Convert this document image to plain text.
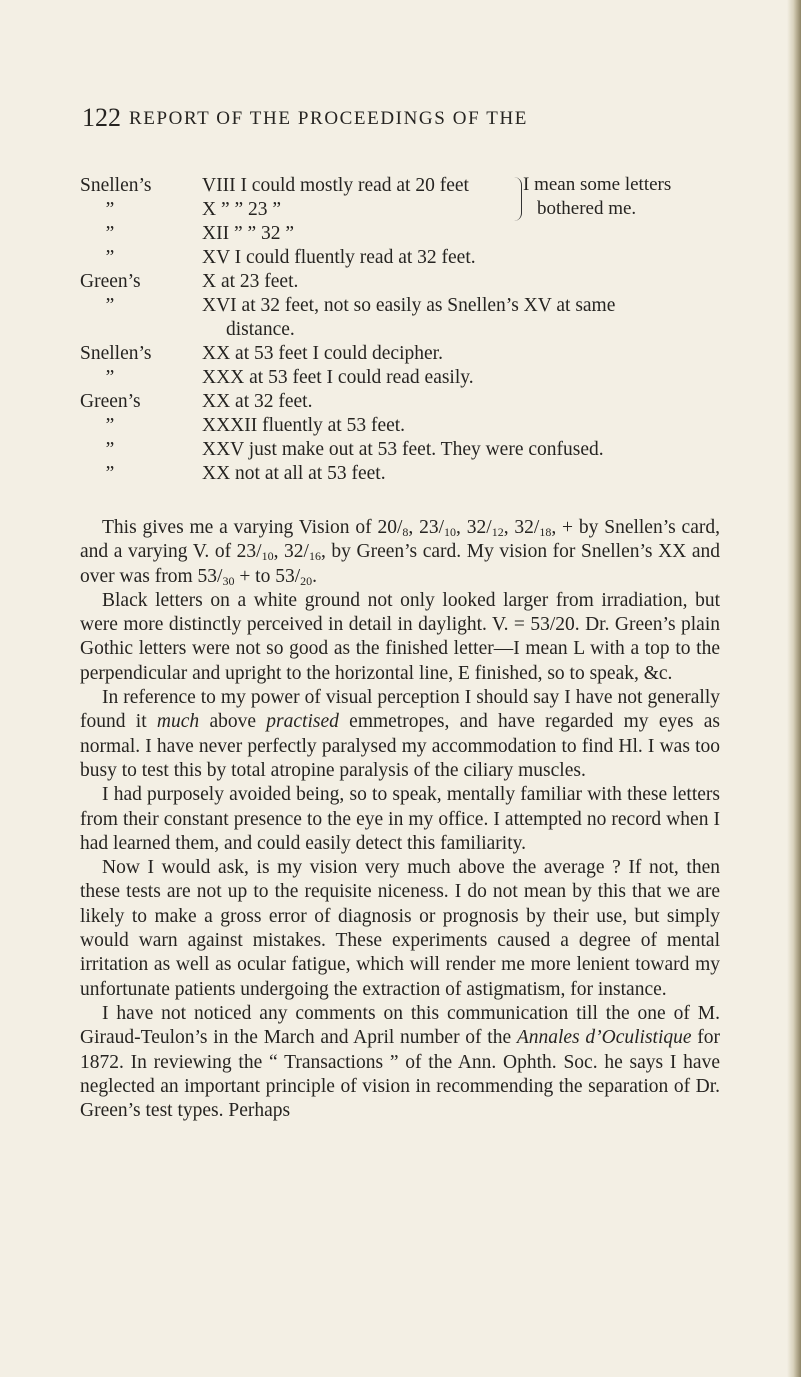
122 REPORT OF THE PROCEEDINGS OF THE
Snellen’s	VIII I could mostly read at 20 feet
”	X ” ” 23 ”
”	XII ” ” 32 ”
I mean some letters
bothered me.
”	XV I could fluently read at 32 feet.
Green’s	X at 23 feet.
”	XVI at 32 feet, not so easily as Snellen’s XV at same
distance.
Snellen’s	XX at 53 feet I could decipher.
”	XXX at 53 feet I could read easily.
Green’s	XX at 32 feet.
”	XXXII fluently at 53 feet.
”	XXV just make out at 53 feet. They were confused.
”	XX not at all at 53 feet.

This gives me a varying Vision of $20/_8$, $23/_{10}$, $32/_{12}$, $32/_{18}$, + by Snellen’s card, and a varying V. of $23/_{10}$, $32/_{16}$, by Green’s card. My vision for Snellen’s XX and over was from $53/_{30}$ + to $53/_{20}$.

Black letters on a white ground not only looked larger from irradiation, but were more distinctly perceived in detail in daylight. V. = 53/20. Dr. Green’s plain Gothic letters were not so good as the finished letter—I mean L with a top to the perpendicular and upright to the horizontal line, E finished, so to speak, &c.

In reference to my power of visual perception I should say I have not generally found it much above practised emmetropes, and have regarded my eyes as normal. I have never perfectly paralysed my accommodation to find Hl. I was too busy to test this by total atropine paralysis of the ciliary muscles.

I had purposely avoided being, so to speak, mentally familiar with these letters from their constant presence to the eye in my office. I attempted no record when I had learned them, and could easily detect this familiarity.

Now I would ask, is my vision very much above the average ? If not, then these tests are not up to the requisite niceness. I do not mean by this that we are likely to make a gross error of diagnosis or prognosis by their use, but simply would warn against mistakes. These experiments caused a degree of mental irritation as well as ocular fatigue, which will render me more lenient toward my unfortunate patients undergoing the extraction of astigmatism, for instance.

I have not noticed any comments on this communication till the one of M. Giraud-Teulon’s in the March and April number of the Annales d’Oculistique for 1872. In reviewing the “ Transactions ” of the Ann. Ophth. Soc. he says I have neglected an important principle of vision in recommending the separation of Dr. Green’s test types. Perhaps
